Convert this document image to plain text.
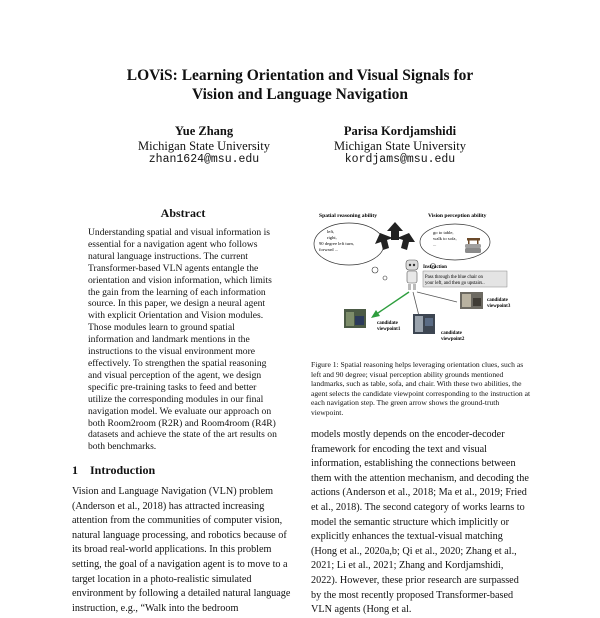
LOViS: Learning Orientation and Visual Signals for
Vision and Language Navigation
Yue Zhang
Michigan State University
zhan1624@msu.edu
Parisa Kordjamshidi
Michigan State University
kordjams@msu.edu
Abstract
Understanding spatial and visual information is essential for a navigation agent who follows natural language instructions. The current Transformer-based VLN agents entangle the orientation and vision information, which limits the gain from the learning of each information source. In this paper, we design a neural agent with explicit Orientation and Vision modules. Those modules learn to ground spatial information and landmark mentions in the instructions to the visual environment more effectively. To strengthen the spatial reasoning and visual perception of the agent, we design specific pre-training tasks to feed and better utilize the corresponding modules in our final navigation model. We evaluate our approach on both Room2room (R2R) and Room4room (R4R) datasets and achieve the state of the art results on both benchmarks.
1 Introduction
Vision and Language Navigation (VLN) problem (Anderson et al., 2018) has attracted increasing attention from the communities of computer vision, natural language processing, and robotics because of its broad real-world applications. In this problem setting, the goal of a navigation agent is to move to a target location in a photo-realistic simulated environment by following a detailed natural language instruction, e.g., “Walk into the bedroom
Spatial reasoning ability	Vision perception ability
left, right, 90 degree left turn, forward ...
go to table, walk to sofa, ...
Instruction
Pass through the blue chair on your left, and then go upstairs..
candidate viewpoint1
candidate viewpoint2
candidate viewpoint3
Figure 1: Spatial reasoning helps leveraging orientation clues, such as left and 90 degree; visual perception ability grounds mentioned landmarks, such as table, sofa, and chair. With these two abilities, the agent selects the candidate viewpoint corresponding to the instruction at each navigation step. The green arrow shows the ground-truth viewpoint.
models mostly depends on the encoder-decoder framework for encoding the text and visual information, establishing the connections between them with the attention mechanism, and decoding the actions (Anderson et al., 2018; Ma et al., 2019; Fried et al., 2018). The second category of works learns to model the semantic structure which implicitly or explicitly enhances the textual-visual matching (Hong et al., 2020a,b; Qi et al., 2020; Zhang et al., 2021; Li et al., 2021; Zhang and Kordjamshidi, 2022). However, these prior research are surpassed by the most recently proposed Transformer-based VLN agents (Hong et al.
